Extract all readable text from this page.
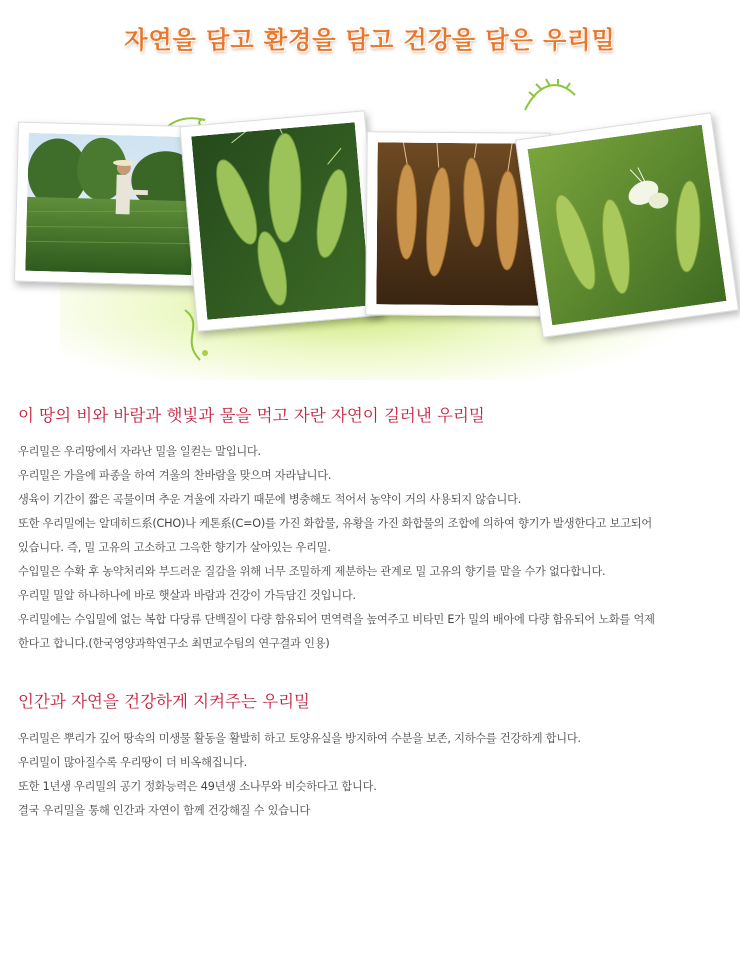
자연을 담고 환경을 담고 건강을 담은 우리밀
이 땅의 비와 바람과 햇빛과 물을 먹고 자란 자연이 길러낸 우리밀

우리밀은 우리땅에서 자라난 밀을 일컫는 말입니다.

우리밀은 가을에 파종을 하여 겨울의 찬바람을 맞으며 자라납니다.

생육이 기간이 짧은 곡물이며 추운 겨울에 자라기 때문에 병충해도 적어서 농약이 거의 사용되지 않습니다.

또한 우리밀에는 알데히드系(CHO)나 케톤系(C=O)를 가진 화합물, 유황을 가진 화합물의 조합에 의하여 향기가 발생한다고 보고되어

있습니다. 즉, 밀 고유의 고소하고 그윽한 향기가 살아있는 우리밀.

수입밀은 수확 후 농약처리와 부드러운 질감을 위해 너무 조밀하게 제분하는 관계로 밀 고유의 향기를 맡을 수가 없다합니다.

우리밀 밀알 하나하나에 바로 햇살과 바람과 건강이 가득담긴 것입니다.

우리밀에는 수입밀에 없는 복합 다당류 단백질이 다량 함유되어 면역력을 높여주고 비타민 E가 밀의 배아에 다량 함유되어 노화를 억제

한다고 합니다.(한국영양과학연구소 최면교수팀의 연구결과 인용)

인간과 자연을 건강하게 지켜주는 우리밀

우리밀은 뿌리가 깊어 땅속의 미생물 활동을 활발히 하고 토양유실을 방지하여 수분을 보존, 지하수를 건강하게 합니다.

우리밀이 많아질수록 우리땅이 더 비옥해집니다.

또한 1년생 우리밀의 공기 정화능력은 49년생 소나무와 비슷하다고 합니다.

결국 우리밀을 통해 인간과 자연이 함께 건강해질 수 있습니다
